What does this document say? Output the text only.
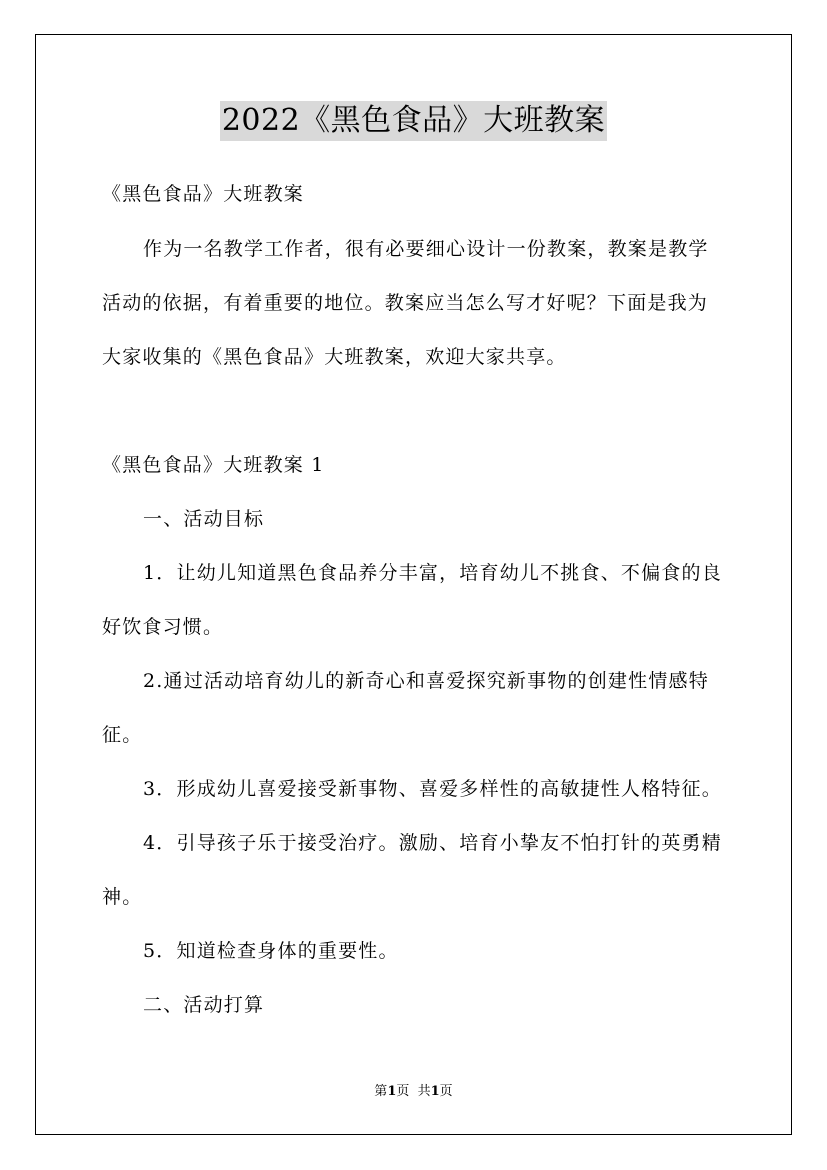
2022《黑色食品》大班教案
《黑色食品》大班教案
作为一名教学工作者，很有必要细心设计一份教案，教案是教学
活动的依据，有着重要的地位。教案应当怎么写才好呢？下面是我为
大家收集的《黑色食品》大班教案，欢迎大家共享。
《黑色食品》大班教案 1
一、活动目标
1．让幼儿知道黑色食品养分丰富，培育幼儿不挑食、不偏食的良
好饮食习惯。
2.通过活动培育幼儿的新奇心和喜爱探究新事物的创建性情感特
征。
3．形成幼儿喜爱接受新事物、喜爱多样性的高敏捷性人格特征。
4．引导孩子乐于接受治疗。激励、培育小挚友不怕打针的英勇精
神。
5．知道检查身体的重要性。
二、活动打算
第1页  共1页
